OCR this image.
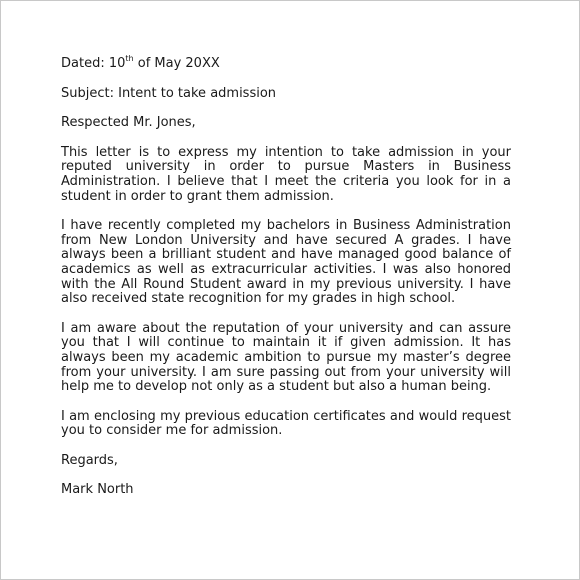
Dated: 10th of May 20XX

Subject: Intent to take admission

Respected Mr. Jones,

This letter is to express my intention to take admission in your reputed university in order to pursue Masters in Business Administration. I believe that I meet the criteria you look for in a student in order to grant them admission.

I have recently completed my bachelors in Business Administration from New London University and have secured A grades. I have always been a brilliant student and have managed good balance of academics as well as extracurricular activities. I was also honored with the All Round Student award in my previous university. I have also received state recognition for my grades in high school.

I am aware about the reputation of your university and can assure you that I will continue to maintain it if given admission. It has always been my academic ambition to pursue my master’s degree from your university. I am sure passing out from your university will help me to develop not only as a student but also a human being.

I am enclosing my previous education certificates and would request you to consider me for admission.

Regards,

Mark North
